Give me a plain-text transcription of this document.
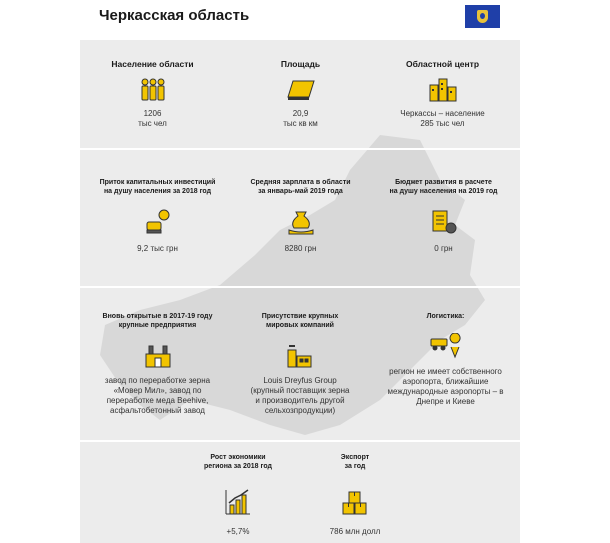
Черкасская область
Население области
1206
тыс чел
Площадь
20,9
тыс кв км
Областной центр
Черкассы – население
285 тыс чел
Приток капитальных инвестиций
на душу населения за 2018 год
9,2 тыс грн
Средняя зарплата в области
за январь-май 2019 года
8280 грн
Бюджет развития в расчете
на душу населения на 2019 год
0 грн
Вновь открытые в 2017-19 году
крупные предприятия
завод по переработке зерна
«Мовер Мил», завод по
переработке меда Beehive,
асфальтобетонный завод
Присутствие крупных
мировых компаний
Louis Dreyfus Group
(крупный поставщик зерна
и производитель другой
сельхозпродукции)
Логистика:
регион не имеет собственного
аэропорта, ближайшие
международные аэропорты – в
Днепре и Киеве
Рост экономики
региона за 2018 год
+5,7%
Экспорт
за год
786 млн долл
